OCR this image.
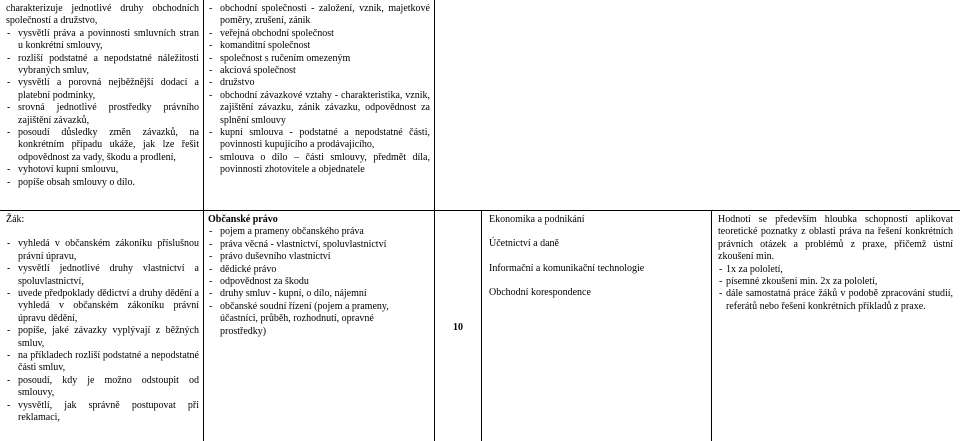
charakterizuje jednotlivé druhy obchodních společností a družstvo,
- vysvětlí práva a povinnosti smluvních stran u konkrétní smlouvy,
- rozliší podstatné a nepodstatné náležitosti vybraných smluv,
- vysvětlí a porovná nejběžnější dodací a platební podmínky,
- srovná jednotlivé prostředky právního zajištění závazků,
- posoudí důsledky změn závazků, na konkrétním případu ukáže, jak lze řešit odpovědnost za vady, škodu a prodlení,
- vyhotoví kupní smlouvu,
- popíše obsah smlouvy o dílo.
- obchodní společnosti - založení, vznik, majetkové poměry, zrušení, zánik
- veřejná obchodní společnost
- komanditní společnost
- společnost s ručením omezeným
- akciová společnost
- družstvo
- obchodní závazkové vztahy - charakteristika, vznik, zajištění závazku, zánik závazku, odpovědnost za splnění smlouvy
- kupní smlouva - podstatné a nepodstatné části, povinnosti kupujícího a prodávajícího,
- smlouva o dílo – části smlouvy, předmět díla, povinnosti zhotovitele a objednatele
Žák:
- vyhledá v občanském zákoníku příslušnou právní úpravu,
- vysvětlí jednotlivé druhy vlastnictví a spoluvlastnictví,
- uvede předpoklady dědictví a druhy dědění a vyhledá v občanském zákoníku právní úpravu dědění,
- popíše, jaké závazky vyplývají z běžných smluv,
- na příkladech rozliší podstatné a nepodstatné části smluv,
- posoudí, kdy je možno odstoupit od smlouvy,
- vysvětlí, jak správně postupovat při reklamaci,
Občanské právo
- pojem a prameny občanského práva
- práva věcná - vlastnictví, spoluvlastnictví
- právo duševního vlastnictví
- dědické právo
- odpovědnost za škodu
- druhy smluv - kupní, o dílo, nájemní
- občanské soudní řízení (pojem a prameny, účastníci, průběh, rozhodnutí, opravné prostředky)	10
Ekonomika a podnikání
Účetnictví a daně
Informační a komunikační technologie
Obchodní korespondence
Hodnotí se především hloubka schopností aplikovat teoretické poznatky z oblasti práva na řešení konkrétních právních otázek a problémů z praxe, přičemž ústní zkoušení min.
- 1x za pololetí,
- písemné zkoušení min. 2x za pololetí,
- dále samostatná práce žáků v podobě zpracování studií, referátů nebo řešení konkrétních příkladů z praxe.
